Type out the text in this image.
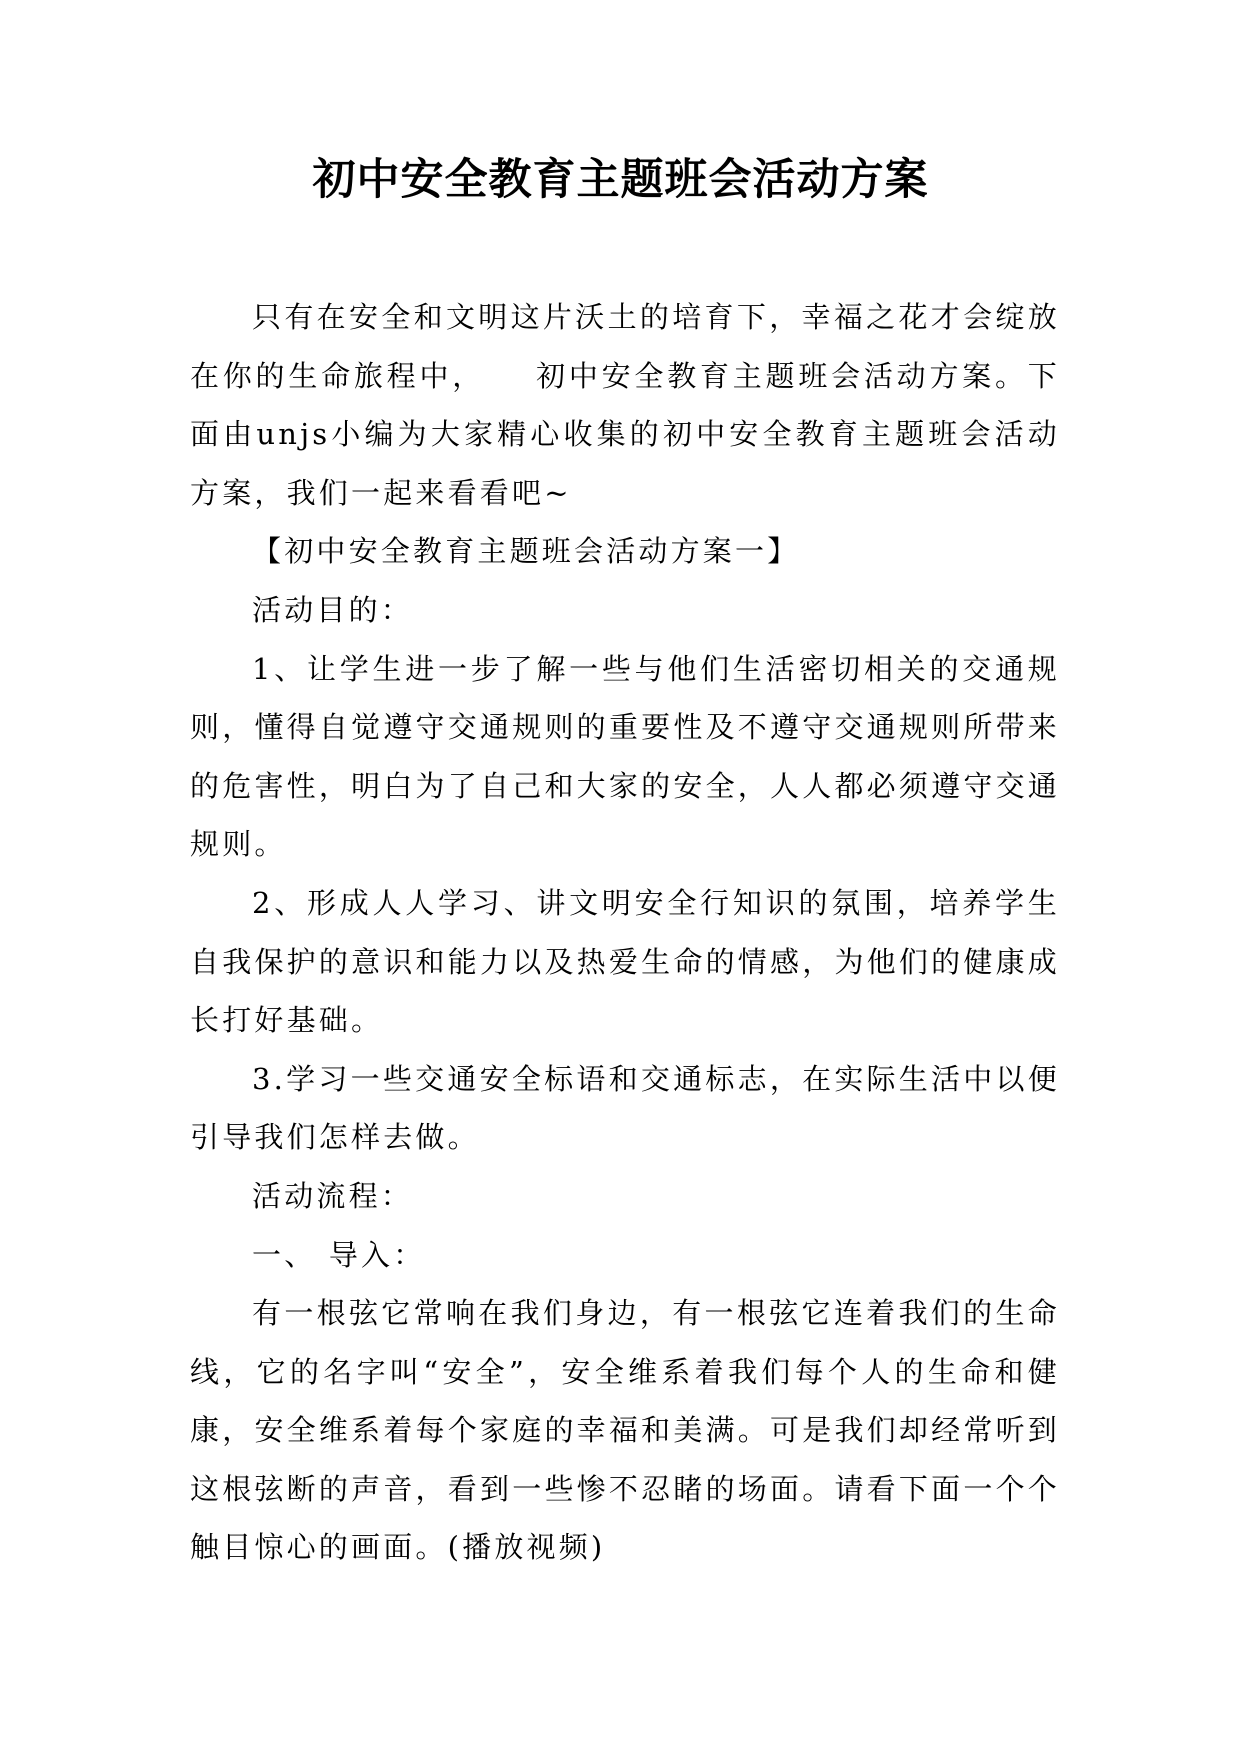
初中安全教育主题班会活动方案

只有在安全和文明这片沃土的培育下，幸福之花才会绽放在你的生命旅程中，　　初中安全教育主题班会活动方案。下面由unjs小编为大家精心收集的初中安全教育主题班会活动方案，我们一起来看看吧~

【初中安全教育主题班会活动方案一】

活动目的：

1、让学生进一步了解一些与他们生活密切相关的交通规则，懂得自觉遵守交通规则的重要性及不遵守交通规则所带来的危害性，明白为了自己和大家的安全，人人都必须遵守交通规则。

2、形成人人学习、讲文明安全行知识的氛围，培养学生自我保护的意识和能力以及热爱生命的情感，为他们的健康成长打好基础。

3.学习一些交通安全标语和交通标志，在实际生活中以便引导我们怎样去做。

活动流程：

一、 导入：

有一根弦它常响在我们身边，有一根弦它连着我们的生命线，它的名字叫“安全”，安全维系着我们每个人的生命和健康，安全维系着每个家庭的幸福和美满。可是我们却经常听到这根弦断的声音，看到一些惨不忍睹的场面。请看下面一个个触目惊心的画面。(播放视频)
